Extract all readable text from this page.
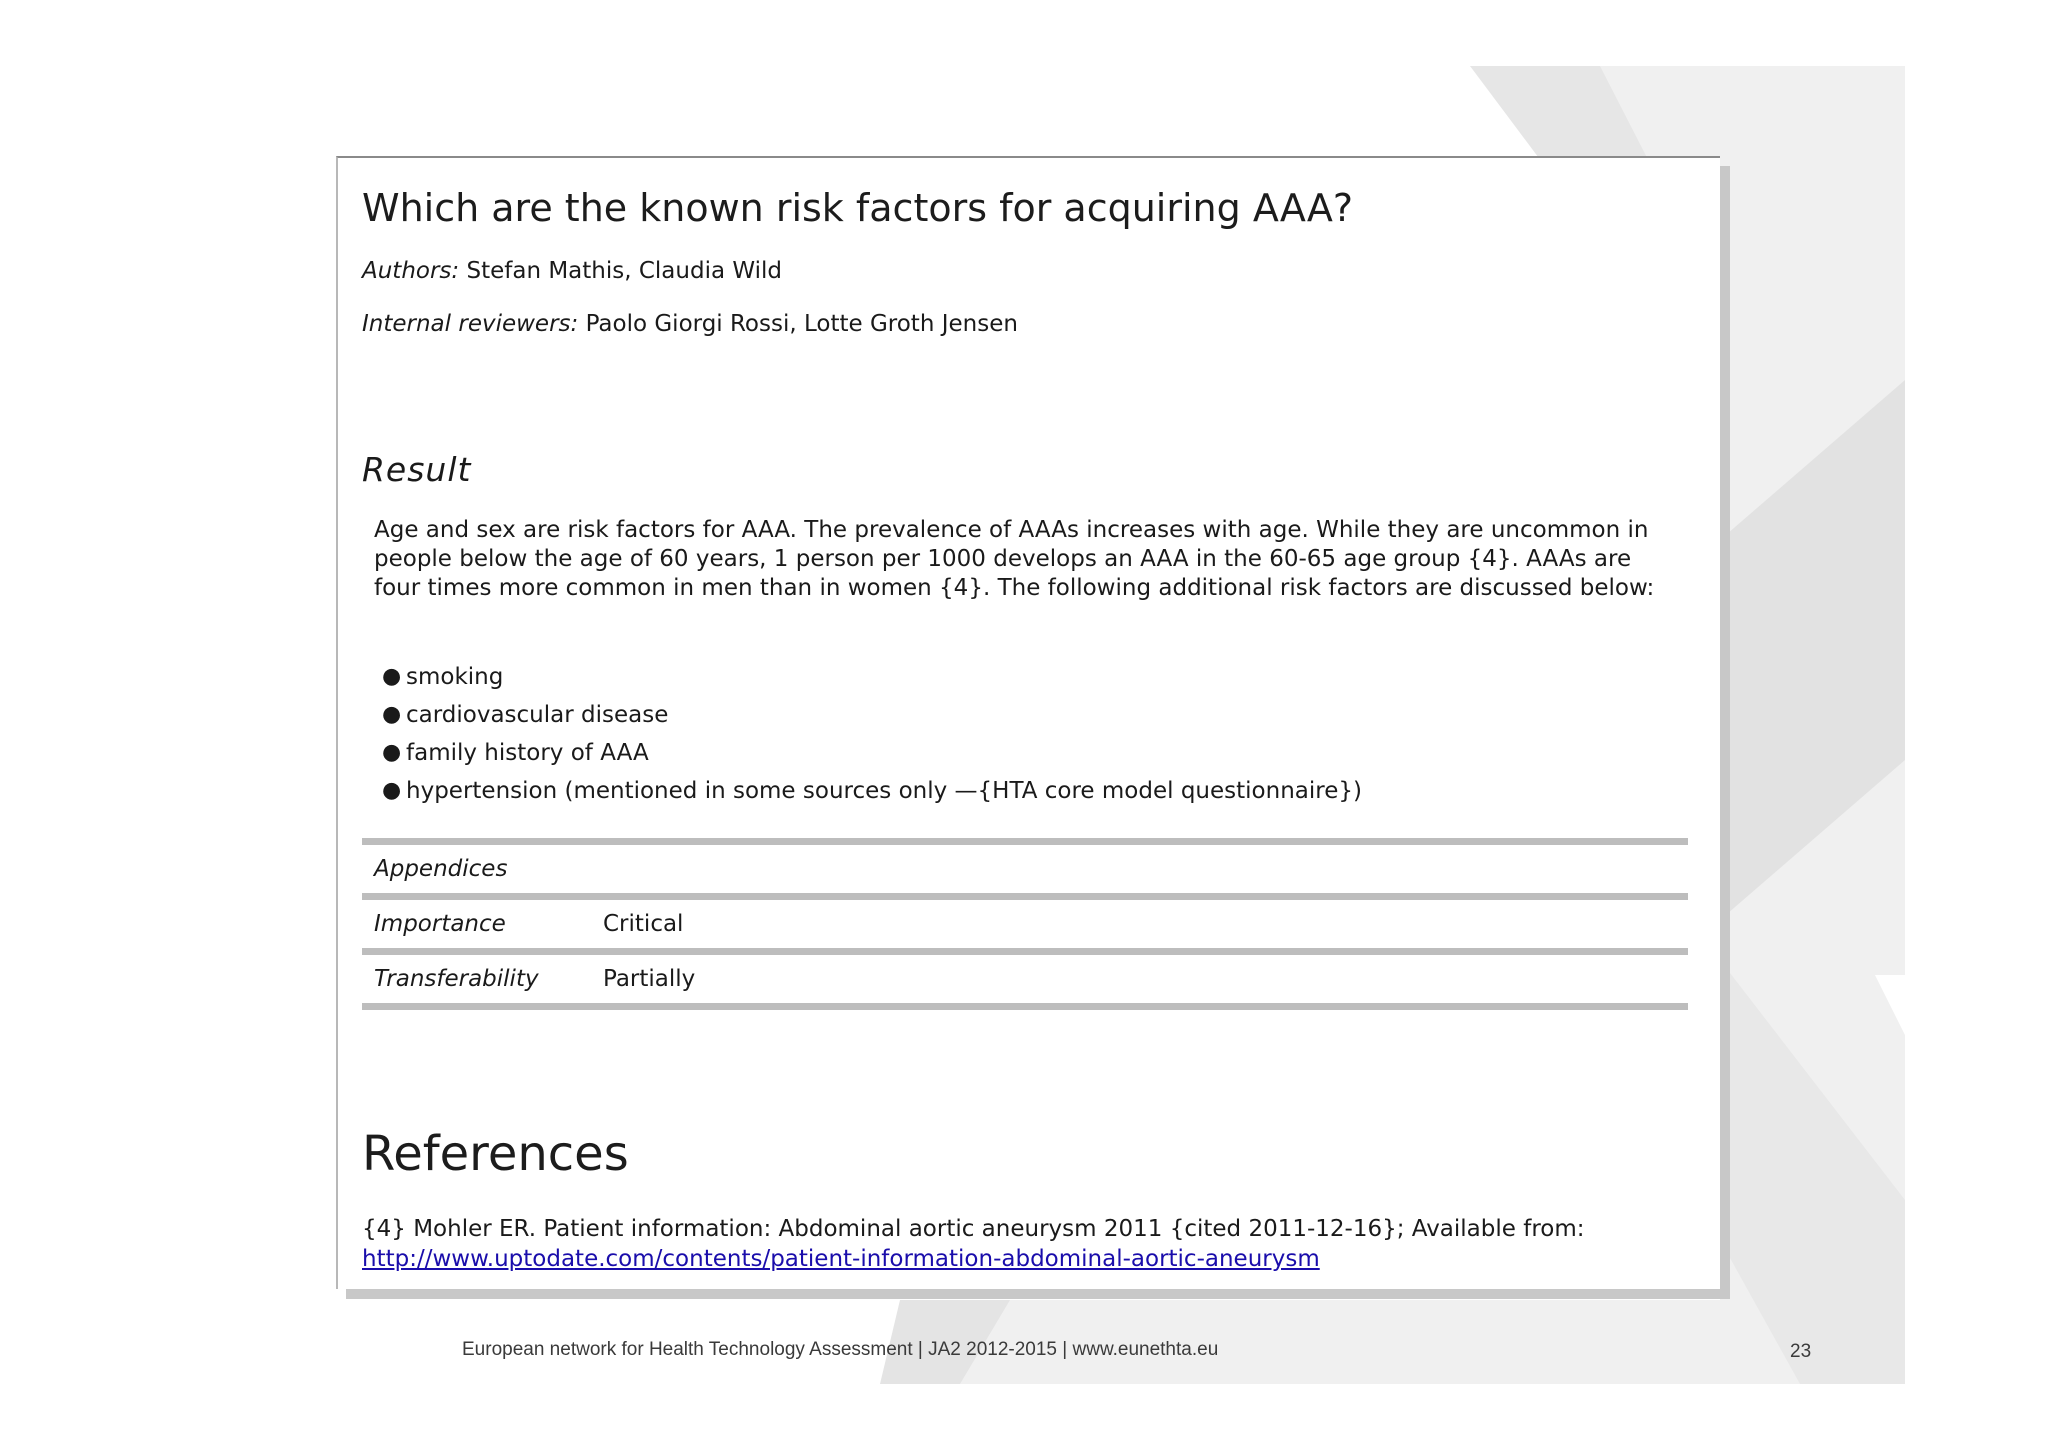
Which are the known risk factors for acquiring AAA?
Authors: Stefan Mathis, Claudia Wild
Internal reviewers: Paolo Giorgi Rossi, Lotte Groth Jensen
Result

Age and sex are risk factors for AAA. The prevalence of AAAs increases with age. While they are uncommon in people below the age of 60 years, 1 person per 1000 develops an AAA in the 60-65 age group {4}. AAAs are four times more common in men than in women {4}. The following additional risk factors are discussed below:

● smoking
● cardiovascular disease
● family history of AAA
● hypertension (mentioned in some sources only —{HTA core model questionnaire})
Appendices	
Importance	Critical
Transferability	Partially
References
{4} Mohler ER. Patient information: Abdominal aortic aneurysm 2011 {cited 2011-12-16}; Available from:
http://www.uptodate.com/contents/patient-information-abdominal-aortic-aneurysm
European network for Health Technology Assessment | JA2 2012-2015 | www.eunethta.eu	23
